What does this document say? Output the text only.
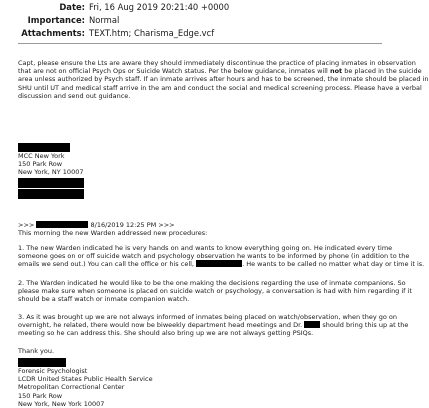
Date: Fri, 16 Aug 2019 20:21:40 +0000
Importance: Normal
Attachments: TEXT.htm; Charisma_Edge.vcf
Capt, please ensure the Lts are aware they should immediately discontinue the practice of placing inmates in observation
that are not on official Psych Ops or Suicide Watch status. Per the below guidance, inmates will not be placed in the suicide
area unless authorized by Psych staff. If an inmate arrives after hours and has to be screened, the inmate should be placed in
SHU until UT and medical staff arrive in the am and conduct the social and medical screening process. Please have a verbal
discussion and send out guidance.
MCC New York
150 Park Row
New York, NY 10007
>>>	8/16/2019 12:25 PM >>>
This morning the new Warden addressed new procedures:
1. The new Warden indicated he is very hands on and wants to know everything going on. He indicated every time
someone goes on or off suicide watch and psychology observation he wants to be informed by phone (in addition to the
emails we send out.) You can call the office or his cell,	. He wants to be called no matter what day or time it is.
2. The Warden indicated he would like to be the one making the decisions regarding the use of inmate companions. So
please make sure when someone is placed on suicide watch or psychology, a conversation is had with him regarding if it
should be a staff watch or inmate companion watch.
3. As it was brought up we are not always informed of inmates being placed on watch/observation, when they go on
overnight, he related, there would now be biweekly department head meetings and Dr.  should bring this up at the
meeting so he can address this. She should also bring up we are not always getting PSIQs.
Thank you.
Forensic Psychologist
LCDR United States Public Health Service
Metropolitan Correctional Center
150 Park Row
New York, New York 10007
